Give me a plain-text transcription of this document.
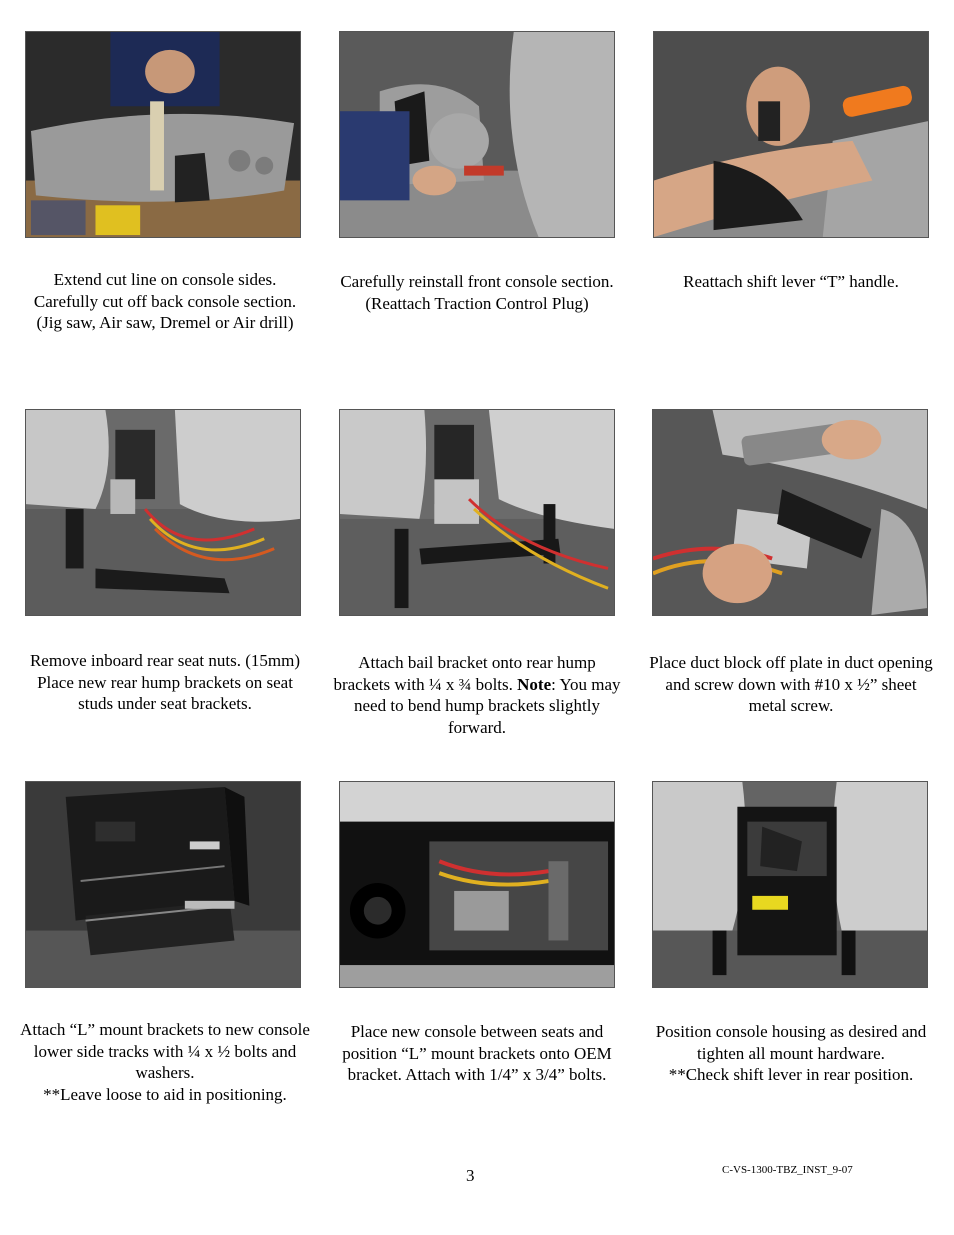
Extend cut line on console sides. Carefully cut off back console section. (Jig saw, Air saw, Dremel or Air drill)
Carefully reinstall front console section.
(Reattach Traction Control Plug)
Reattach shift lever “T” handle.
Remove inboard rear seat nuts. (15mm) Place new rear hump brackets on seat studs under seat brackets.
Attach bail bracket onto rear hump brackets with ¼ x ¾ bolts. Note: You may need to bend hump brackets slightly forward.
Place duct block off plate in duct opening and screw down with #10 x ½” sheet metal screw.
Attach “L” mount brackets to new console lower side tracks with ¼ x ½ bolts and washers.
**Leave loose to aid in positioning.
Place new console between seats and position “L” mount brackets onto OEM bracket. Attach with 1/4” x 3/4” bolts.
Position console housing as desired and tighten all mount hardware.
**Check shift lever in rear position.
3	C-VS-1300-TBZ_INST_9-07
